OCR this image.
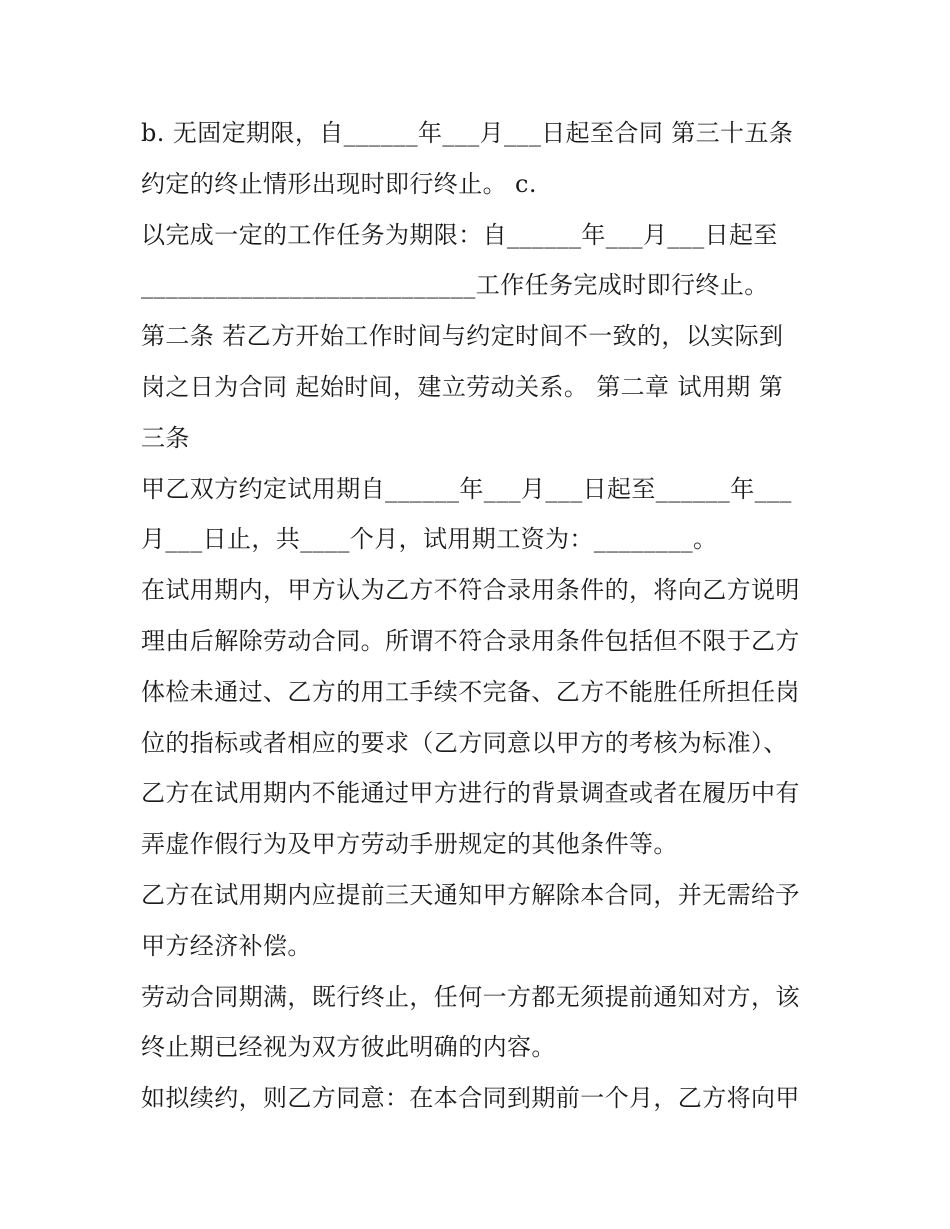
b. 无固定期限，自______年___月___日起至合同 第三十五条
约定的终止情形出现时即行终止。 c.
以完成一定的工作任务为期限：自______年___月___日起至
___________________________工作任务完成时即行终止。
第二条 若乙方开始工作时间与约定时间不一致的，以实际到
岗之日为合同 起始时间，建立劳动关系。 第二章 试用期 第
三条
甲乙双方约定试用期自______年___月___日起至______年___
月___日止，共____个月，试用期工资为：________。
在试用期内，甲方认为乙方不符合录用条件的，将向乙方说明
理由后解除劳动合同。所谓不符合录用条件包括但不限于乙方
体检未通过、乙方的用工手续不完备、乙方不能胜任所担任岗
位的指标或者相应的要求（乙方同意以甲方的考核为标准）、
乙方在试用期内不能通过甲方进行的背景调查或者在履历中有
弄虚作假行为及甲方劳动手册规定的其他条件等。
乙方在试用期内应提前三天通知甲方解除本合同，并无需给予
甲方经济补偿。
劳动合同期满，既行终止，任何一方都无须提前通知对方，该
终止期已经视为双方彼此明确的内容。
如拟续约，则乙方同意：在本合同到期前一个月，乙方将向甲
